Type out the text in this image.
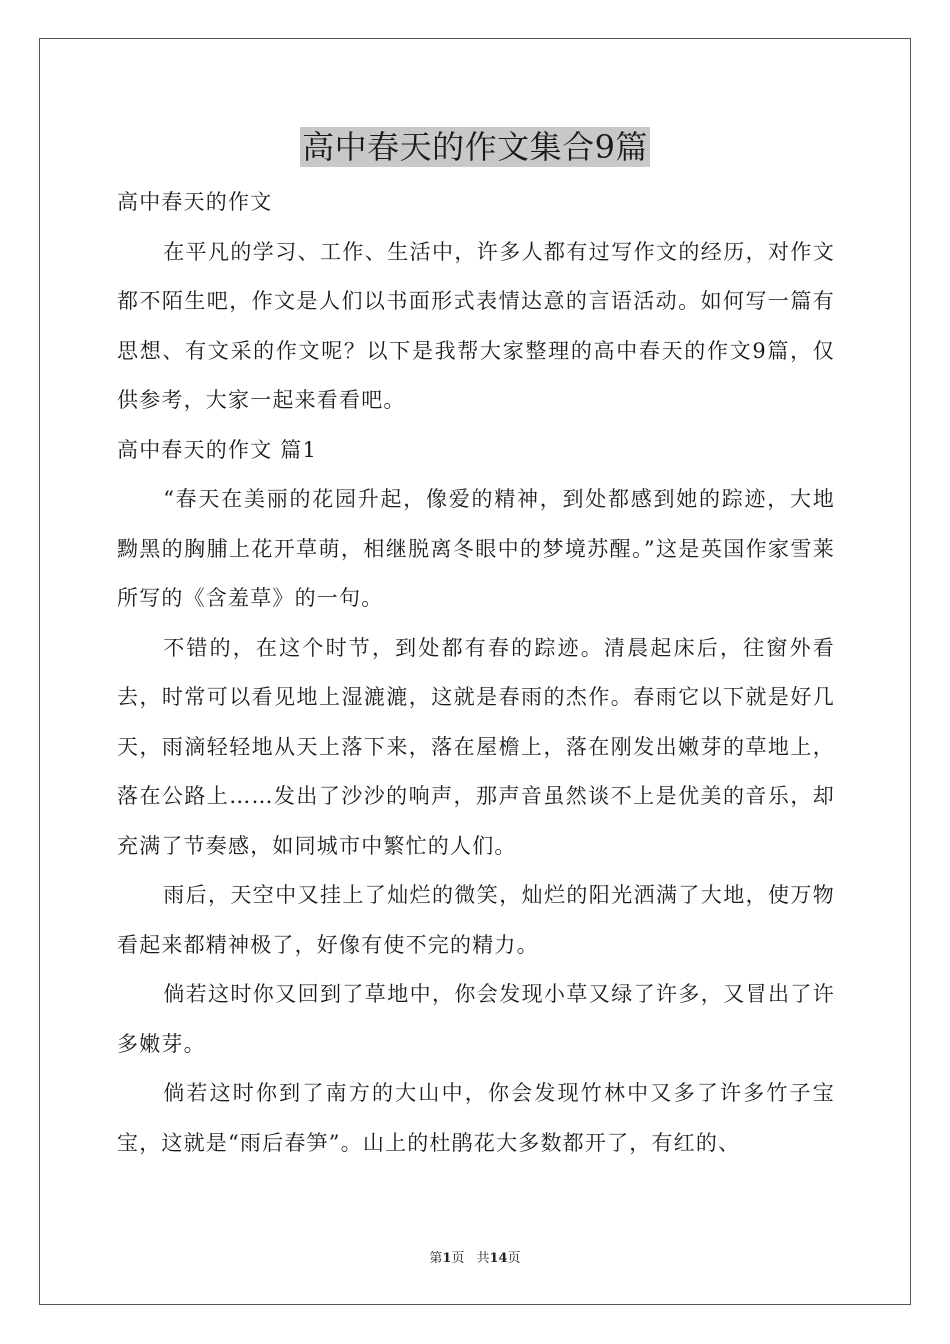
高中春天的作文集合9篇

高中春天的作文

在平凡的学习、工作、生活中，许多人都有过写作文的经历，对作文都不陌生吧，作文是人们以书面形式表情达意的言语活动。如何写一篇有思想、有文采的作文呢？以下是我帮大家整理的高中春天的作文9篇，仅供参考，大家一起来看看吧。

高中春天的作文 篇1

“春天在美丽的花园升起，像爱的精神，到处都感到她的踪迹，大地黝黑的胸脯上花开草萌，相继脱离冬眼中的梦境苏醒。”这是英国作家雪莱所写的《含羞草》的一句。

不错的，在这个时节，到处都有春的踪迹。清晨起床后，往窗外看去，时常可以看见地上湿漉漉，这就是春雨的杰作。春雨它以下就是好几天，雨滴轻轻地从天上落下来，落在屋檐上，落在刚发出嫩芽的草地上，落在公路上……发出了沙沙的响声，那声音虽然谈不上是优美的音乐，却充满了节奏感，如同城市中繁忙的人们。

雨后，天空中又挂上了灿烂的微笑，灿烂的阳光洒满了大地，使万物看起来都精神极了，好像有使不完的精力。

倘若这时你又回到了草地中，你会发现小草又绿了许多，又冒出了许多嫩芽。

倘若这时你到了南方的大山中，你会发现竹林中又多了许多竹子宝宝，这就是“雨后春笋”。山上的杜鹃花大多数都开了，有红的、

第1页 共14页
